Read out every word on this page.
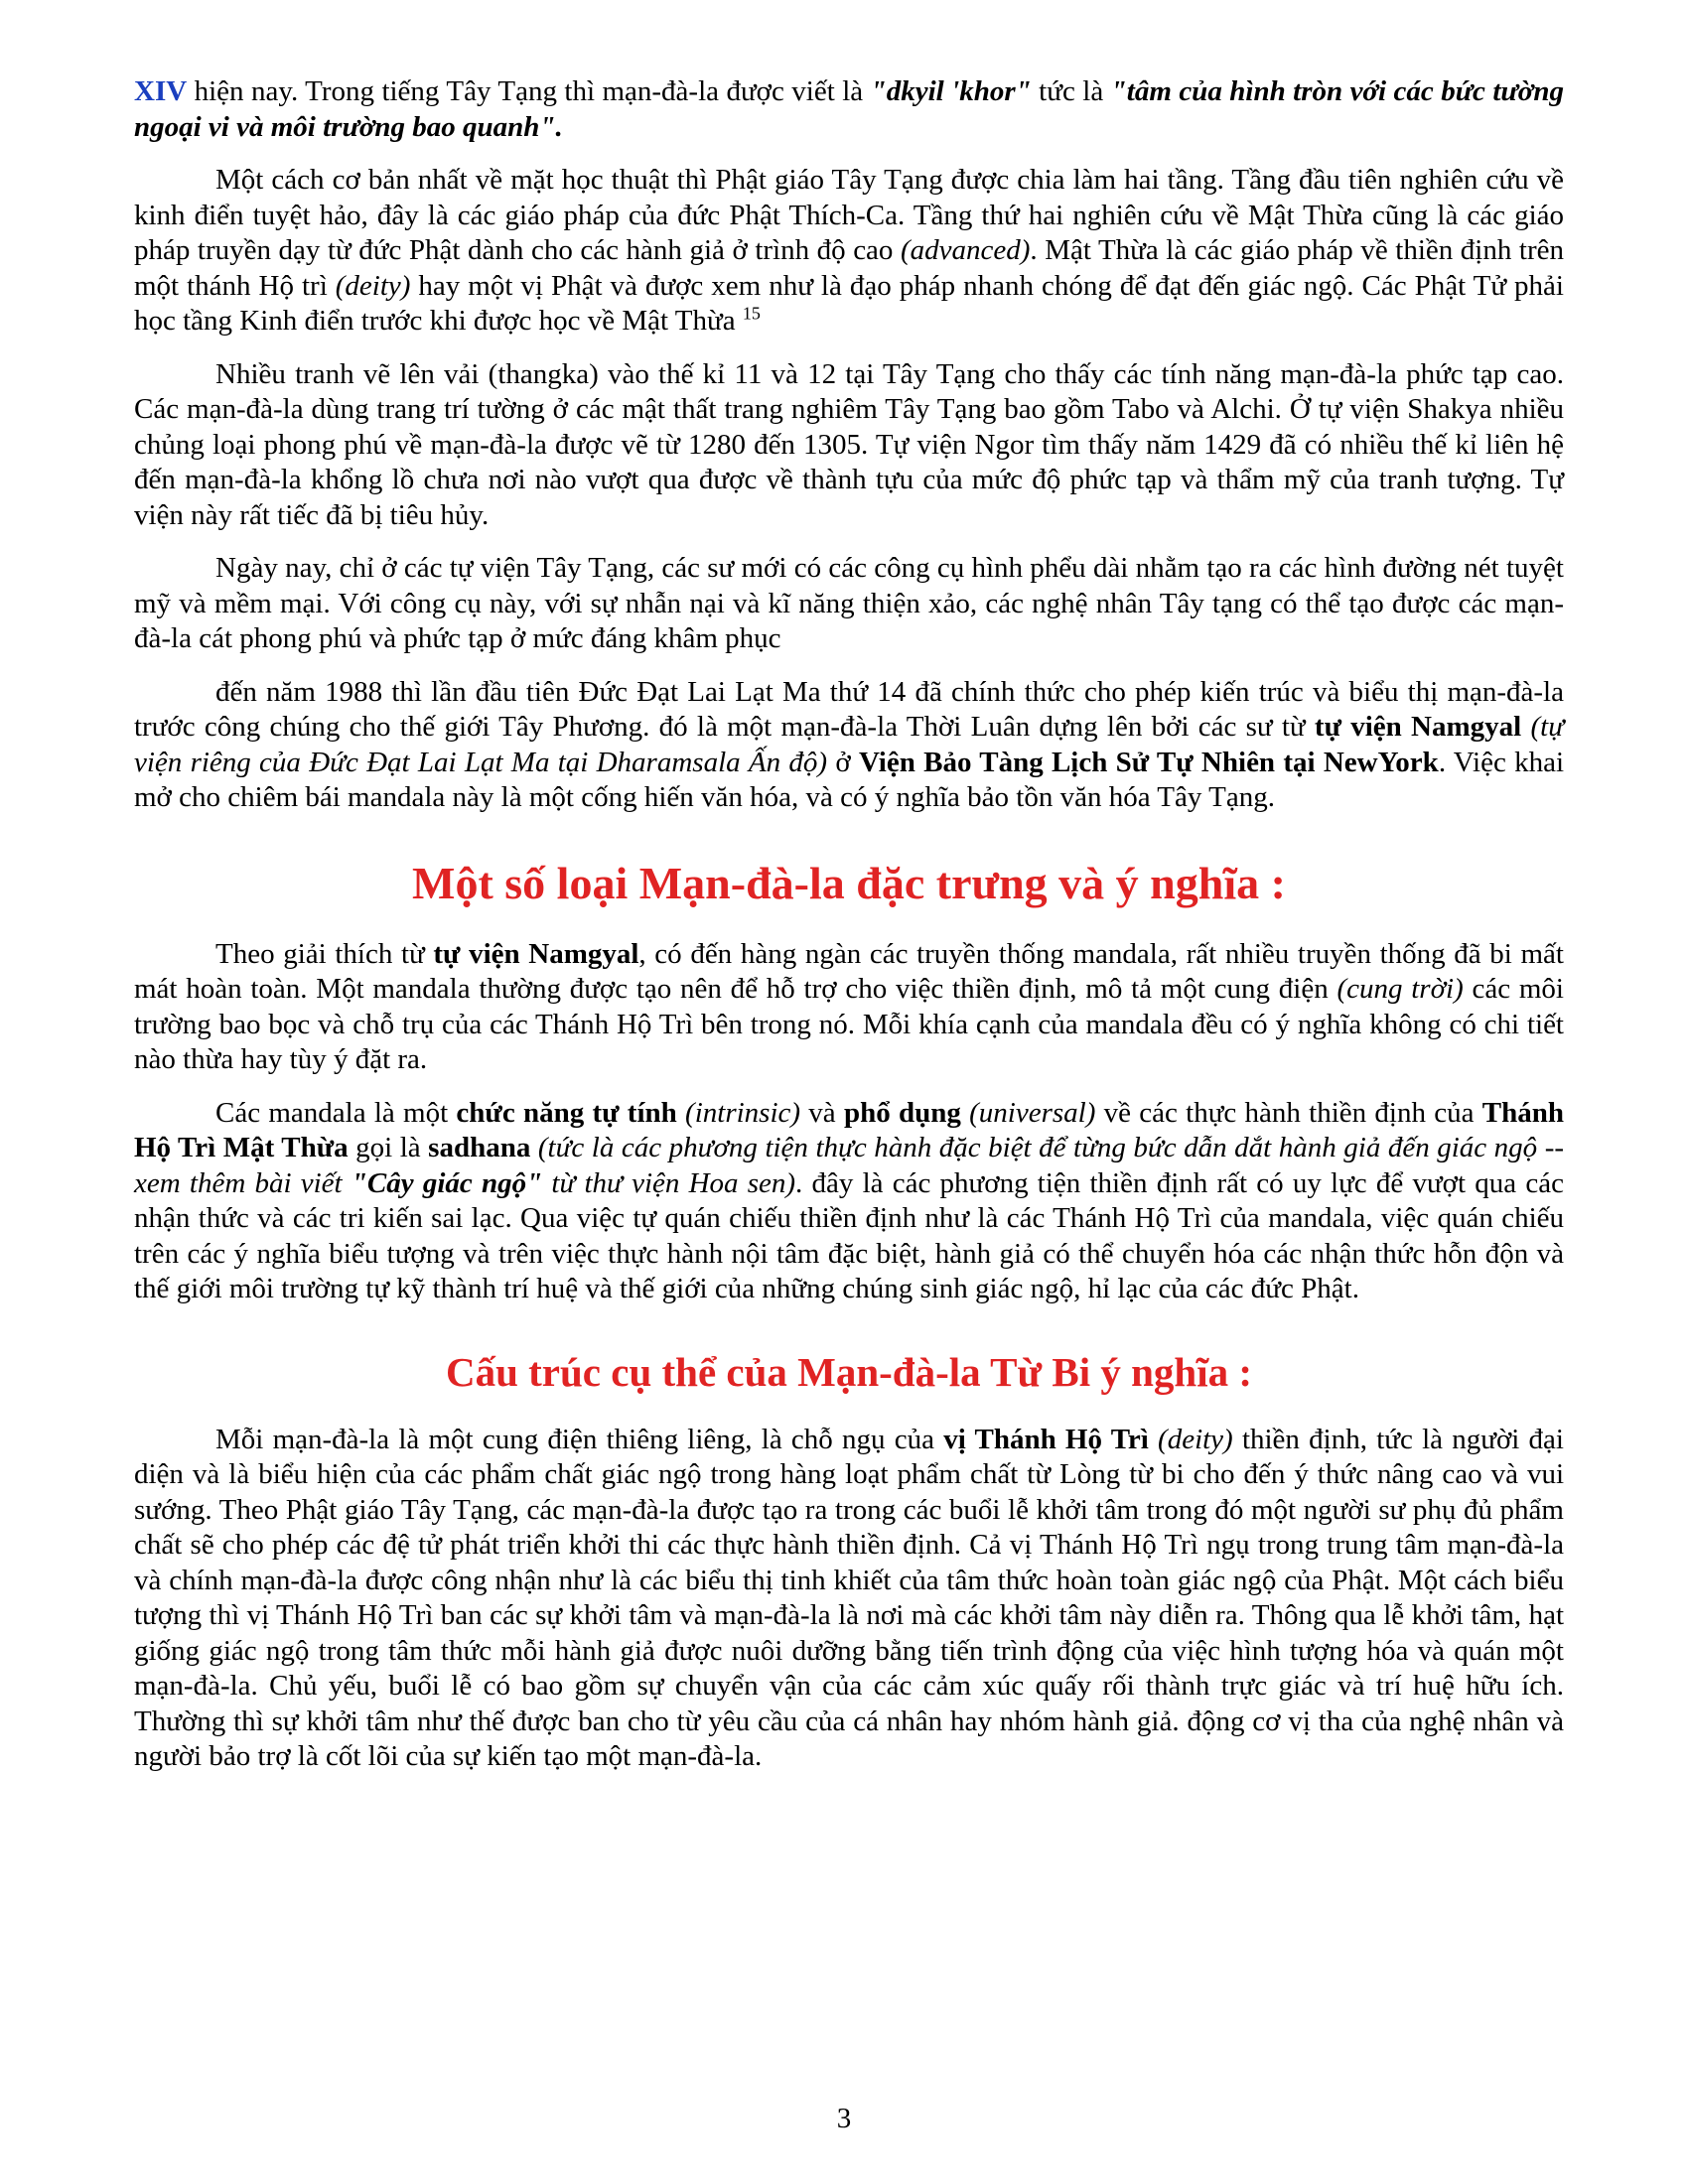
XIV hiện nay. Trong tiếng Tây Tạng thì mạn-đà-la được viết là "dkyil 'khor" tức là "tâm của hình tròn với các bức tường ngoại vi và môi trường bao quanh".

Một cách cơ bản nhất về mặt học thuật thì Phật giáo Tây Tạng được chia làm hai tầng. Tầng đầu tiên nghiên cứu về kinh điển tuyệt hảo, đây là các giáo pháp của đức Phật Thích-Ca. Tầng thứ hai nghiên cứu về Mật Thừa cũng là các giáo pháp truyền dạy từ đức Phật dành cho các hành giả ở trình độ cao (advanced). Mật Thừa là các giáo pháp về thiền định trên một thánh Hộ trì (deity) hay một vị Phật và được xem như là đạo pháp nhanh chóng để đạt đến giác ngộ. Các Phật Tử phải học tầng Kinh điển trước khi được học về Mật Thừa $^{15}$

Nhiều tranh vẽ lên vải (thangka) vào thế kỉ 11 và 12 tại Tây Tạng cho thấy các tính năng mạn-đà-la phức tạp cao. Các mạn-đà-la dùng trang trí tường ở các mật thất trang nghiêm Tây Tạng bao gồm Tabo và Alchi. Ở tự viện Shakya nhiều chủng loại phong phú về mạn-đà-la được vẽ từ 1280 đến 1305. Tự viện Ngor tìm thấy năm 1429 đã có nhiều thế kỉ liên hệ đến mạn-đà-la khổng lồ chưa nơi nào vượt qua được về thành tựu của mức độ phức tạp và thẩm mỹ của tranh tượng. Tự viện này rất tiếc đã bị tiêu hủy.

Ngày nay, chỉ ở các tự viện Tây Tạng, các sư mới có các công cụ hình phểu dài nhằm tạo ra các hình đường nét tuyệt mỹ và mềm mại. Với công cụ này, với sự nhẫn nại và kĩ năng thiện xảo, các nghệ nhân Tây tạng có thể tạo được các mạn-đà-la cát phong phú và phức tạp ở mức đáng khâm phục

đến năm 1988 thì lần đầu tiên Đức Đạt Lai Lạt Ma thứ 14 đã chính thức cho phép kiến trúc và biểu thị mạn-đà-la trước công chúng cho thế giới Tây Phương. đó là một mạn-đà-la Thời Luân dựng lên bởi các sư từ tự viện Namgyal (tự viện riêng của Đức Đạt Lai Lạt Ma tại Dharamsala Ấn độ) ở Viện Bảo Tàng Lịch Sử Tự Nhiên tại NewYork. Việc khai mở cho chiêm bái mandala này là một cống hiến văn hóa, và có ý nghĩa bảo tồn văn hóa Tây Tạng.

Một số loại Mạn-đà-la đặc trưng và ý nghĩa :

Theo giải thích từ tự viện Namgyal, có đến hàng ngàn các truyền thống mandala, rất nhiều truyền thống đã bi mất mát hoàn toàn. Một mandala thường được tạo nên để hỗ trợ cho việc thiền định, mô tả một cung điện (cung trời) các môi trường bao bọc và chỗ trụ của các Thánh Hộ Trì bên trong nó. Mỗi khía cạnh của mandala đều có ý nghĩa không có chi tiết nào thừa hay tùy ý đặt ra.

Các mandala là một chức năng tự tính (intrinsic) và phổ dụng (universal) về các thực hành thiền định của Thánh Hộ Trì Mật Thừa gọi là sadhana (tức là các phương tiện thực hành đặc biệt để từng bức dẫn dắt hành giả đến giác ngộ -- xem thêm bài viết "Cây giác ngộ" từ thư viện Hoa sen). đây là các phương tiện thiền định rất có uy lực để vượt qua các nhận thức và các tri kiến sai lạc. Qua việc tự quán chiếu thiền định như là các Thánh Hộ Trì của mandala, việc quán chiếu trên các ý nghĩa biểu tượng và trên việc thực hành nội tâm đặc biệt, hành giả có thể chuyển hóa các nhận thức hỗn độn và thế giới môi trường tự kỹ thành trí huệ và thế giới của những chúng sinh giác ngộ, hỉ lạc của các đức Phật.

Cấu trúc cụ thể của Mạn-đà-la Từ Bi ý nghĩa :

Mỗi mạn-đà-la là một cung điện thiêng liêng, là chỗ ngụ của vị Thánh Hộ Trì (deity) thiền định, tức là người đại diện và là biểu hiện của các phẩm chất giác ngộ trong hàng loạt phẩm chất từ Lòng từ bi cho đến ý thức nâng cao và vui sướng. Theo Phật giáo Tây Tạng, các mạn-đà-la được tạo ra trong các buổi lễ khởi tâm trong đó một người sư phụ đủ phẩm chất sẽ cho phép các đệ tử phát triển khởi thi các thực hành thiền định. Cả vị Thánh Hộ Trì ngụ trong trung tâm mạn-đà-la và chính mạn-đà-la được công nhận như là các biểu thị tinh khiết của tâm thức hoàn toàn giác ngộ của Phật. Một cách biểu tượng thì vị Thánh Hộ Trì ban các sự khởi tâm và mạn-đà-la là nơi mà các khởi tâm này diễn ra. Thông qua lễ khởi tâm, hạt giống giác ngộ trong tâm thức mỗi hành giả được nuôi dưỡng bằng tiến trình động của việc hình tượng hóa và quán một mạn-đà-la. Chủ yếu, buổi lễ có bao gồm sự chuyển vận của các cảm xúc quấy rối thành trực giác và trí huệ hữu ích. Thường thì sự khởi tâm như thế được ban cho từ yêu cầu của cá nhân hay nhóm hành giả. động cơ vị tha của nghệ nhân và người bảo trợ là cốt lõi của sự kiến tạo một mạn-đà-la.

3
